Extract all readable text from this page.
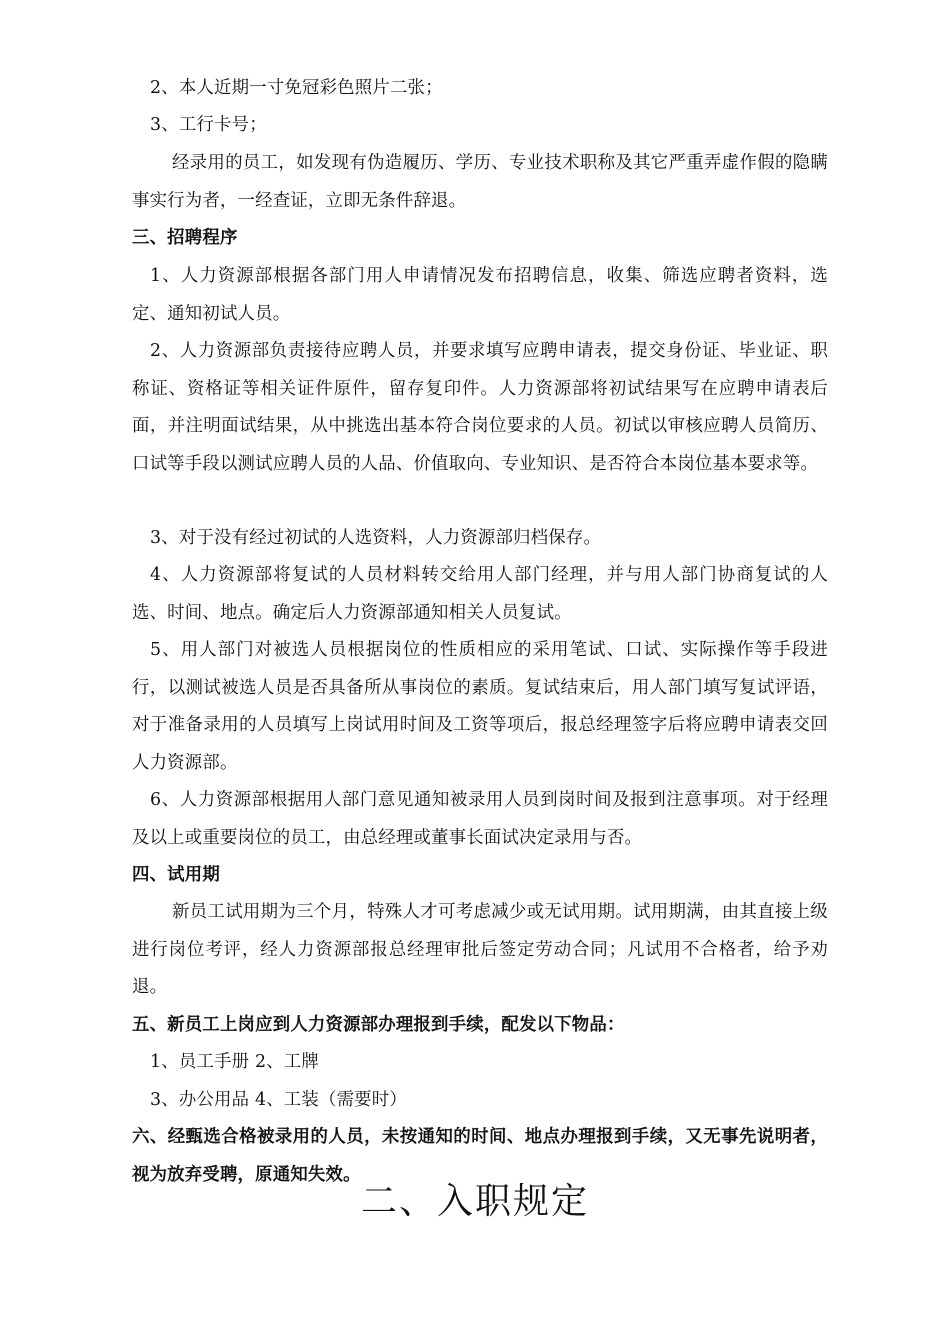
2、本人近期一寸免冠彩色照片二张；

3、工行卡号；

经录用的员工，如发现有伪造履历、学历、专业技术职称及其它严重弄虚作假的隐瞒事实行为者，一经查证，立即无条件辞退。

三、招聘程序

1、人力资源部根据各部门用人申请情况发布招聘信息，收集、筛选应聘者资料，选定、通知初试人员。

2、人力资源部负责接待应聘人员，并要求填写应聘申请表，提交身份证、毕业证、职称证、资格证等相关证件原件，留存复印件。人力资源部将初试结果写在应聘申请表后面，并注明面试结果，从中挑选出基本符合岗位要求的人员。初试以审核应聘人员简历、口试等手段以测试应聘人员的人品、价值取向、专业知识、是否符合本岗位基本要求等。

3、对于没有经过初试的人选资料，人力资源部归档保存。

4、人力资源部将复试的人员材料转交给用人部门经理，并与用人部门协商复试的人选、时间、地点。确定后人力资源部通知相关人员复试。

5、用人部门对被选人员根据岗位的性质相应的采用笔试、口试、实际操作等手段进行，以测试被选人员是否具备所从事岗位的素质。复试结束后，用人部门填写复试评语，对于准备录用的人员填写上岗试用时间及工资等项后，报总经理签字后将应聘申请表交回人力资源部。

6、人力资源部根据用人部门意见通知被录用人员到岗时间及报到注意事项。对于经理及以上或重要岗位的员工，由总经理或董事长面试决定录用与否。

四、试用期

新员工试用期为三个月，特殊人才可考虑减少或无试用期。试用期满，由其直接上级进行岗位考评，经人力资源部报总经理审批后签定劳动合同；凡试用不合格者，给予劝退。

五、新员工上岗应到人力资源部办理报到手续，配发以下物品：

1、员工手册 2、工牌

3、办公用品 4、工装（需要时）

六、经甄选合格被录用的人员，未按通知的时间、地点办理报到手续，又无事先说明者，视为放弃受聘，原通知失效。

二、入职规定
